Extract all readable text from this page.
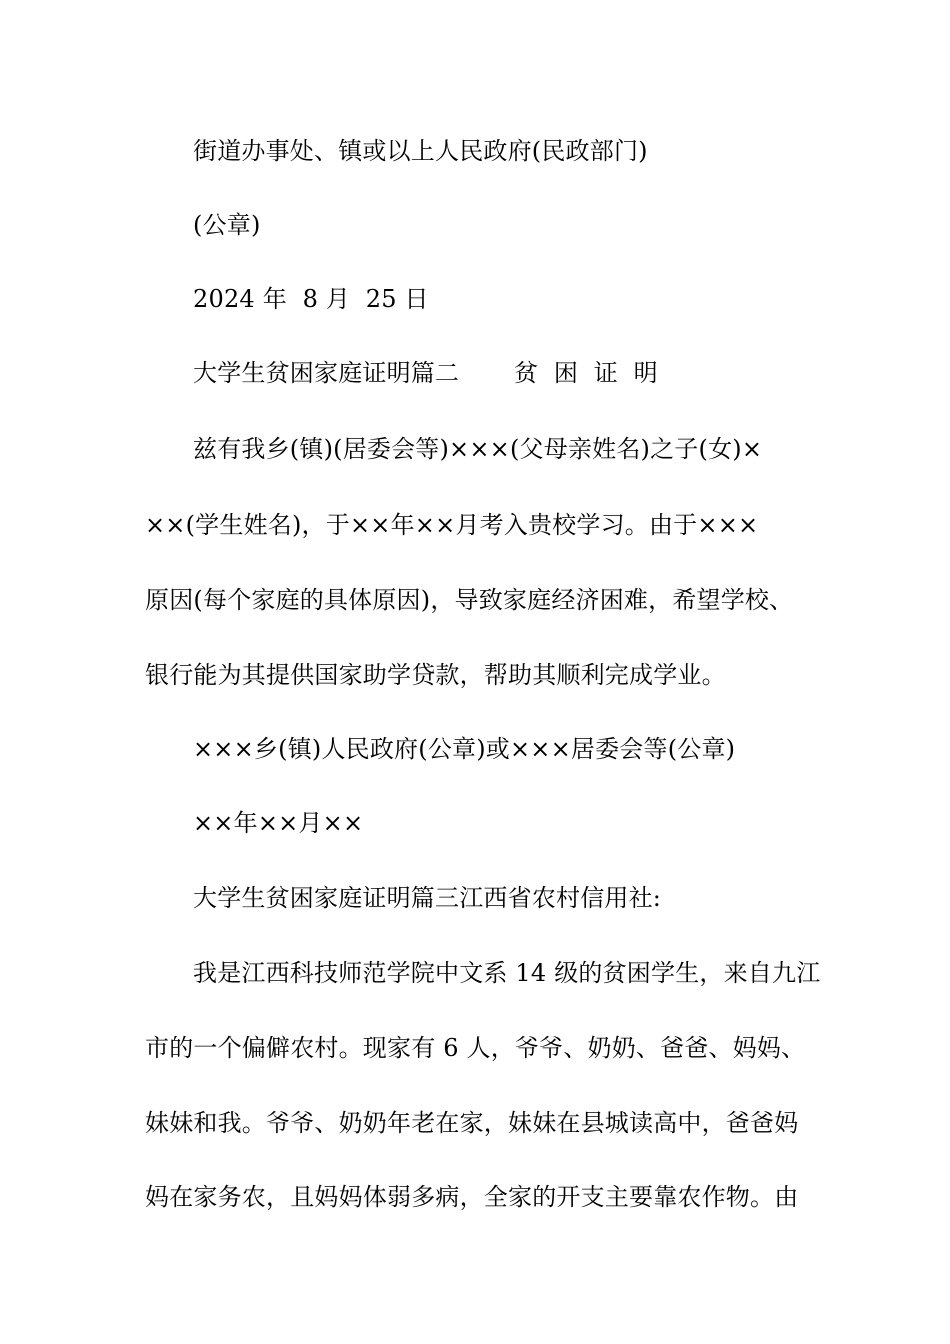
街道办事处、镇或以上人民政府(民政部门)
(公章)
2024 年  8 月  25 日
大学生贫困家庭证明篇二       贫  困  证  明
兹有我乡(镇)(居委会等)×××(父母亲姓名)之子(女)×
××(学生姓名)，于××年××月考入贵校学习。由于×××
原因(每个家庭的具体原因)，导致家庭经济困难，希望学校、
银行能为其提供国家助学贷款，帮助其顺利完成学业。
×××乡(镇)人民政府(公章)或×××居委会等(公章)
××年××月××
大学生贫困家庭证明篇三江西省农村信用社:
我是江西科技师范学院中文系 14 级的贫困学生，来自九江
市的一个偏僻农村。现家有 6 人，爷爷、奶奶、爸爸、妈妈、
妹妹和我。爷爷、奶奶年老在家，妹妹在县城读高中，爸爸妈
妈在家务农，且妈妈体弱多病，全家的开支主要靠农作物。由
